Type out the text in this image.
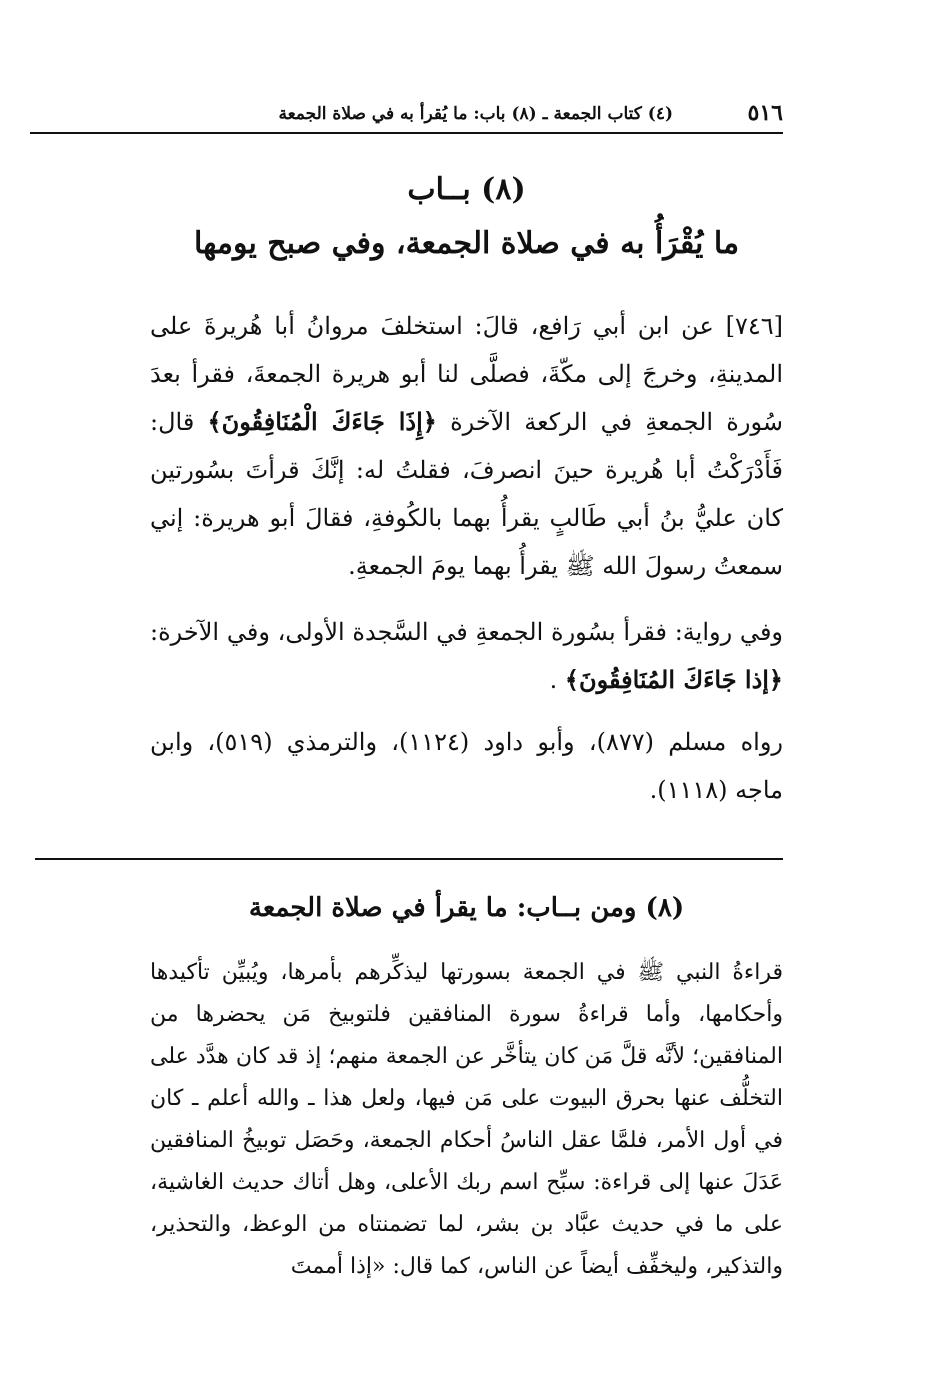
٥١٦
(٤) كتاب الجمعة ـ (٨) باب: ما يُقرأ به في صلاة الجمعة
(٨) بــاب
ما يُقْرَأُ به في صلاة الجمعة، وفي صبح يومها
[٧٤٦] عن ابن أبي رَافع، قالَ: استخلفَ مروانُ أبا هُريرةَ على المدينةِ، وخرجَ إلى مكّةَ، فصلَّى لنا أبو هريرة الجمعةَ، فقرأ بعدَ سُورة الجمعةِ في الركعة الآخرة ﴿إِذَا جَاءَكَ الْمُنَافِقُونَ﴾ قال: فَأَدْرَكْتُ أبا هُريرة حينَ انصرفَ، فقلتُ له: إنَّكَ قرأتَ بسُورتين كان عليُّ بنُ أبي طَالبٍ يقرأُ بهما بالكُوفةِ، فقالَ أبو هريرة: إني سمعتُ رسولَ الله ﷺ يقرأُ بهما يومَ الجمعةِ.
وفي رواية: فقرأ بسُورة الجمعةِ في السَّجدة الأولى، وفي الآخرة: ﴿إذا جَاءَكَ المُنَافِقُونَ﴾ .
رواه مسلم (٨٧٧)، وأبو داود (١١٢٤)، والترمذي (٥١٩)، وابن ماجه (١١١٨).
(٨) ومن بــاب: ما يقرأ في صلاة الجمعة
قراءةُ النبي ﷺ في الجمعة بسورتها ليذكِّرهم بأمرها، ويُبيِّن تأكيدها وأحكامها، وأما قراءةُ سورة المنافقين فلتوبيخ مَن يحضرها من المنافقين؛ لأنَّه قلَّ مَن كان يتأخَّر عن الجمعة منهم؛ إذ قد كان هدَّد على التخلُّف عنها بحرق البيوت على مَن فيها، ولعل هذا ـ والله أعلم ـ كان في أول الأمر، فلمَّا عقل الناسُ أحكام الجمعة، وحَصَل توبيخُ المنافقين عَدَلَ عنها إلى قراءة: سبِّح اسم ربك الأعلى، وهل أتاك حديث الغاشية، على ما في حديث عبَّاد بن بشر، لما تضمنتاه من الوعظ، والتحذير، والتذكير، وليخفِّف أيضاً عن الناس، كما قال: «إذا أممتَ
